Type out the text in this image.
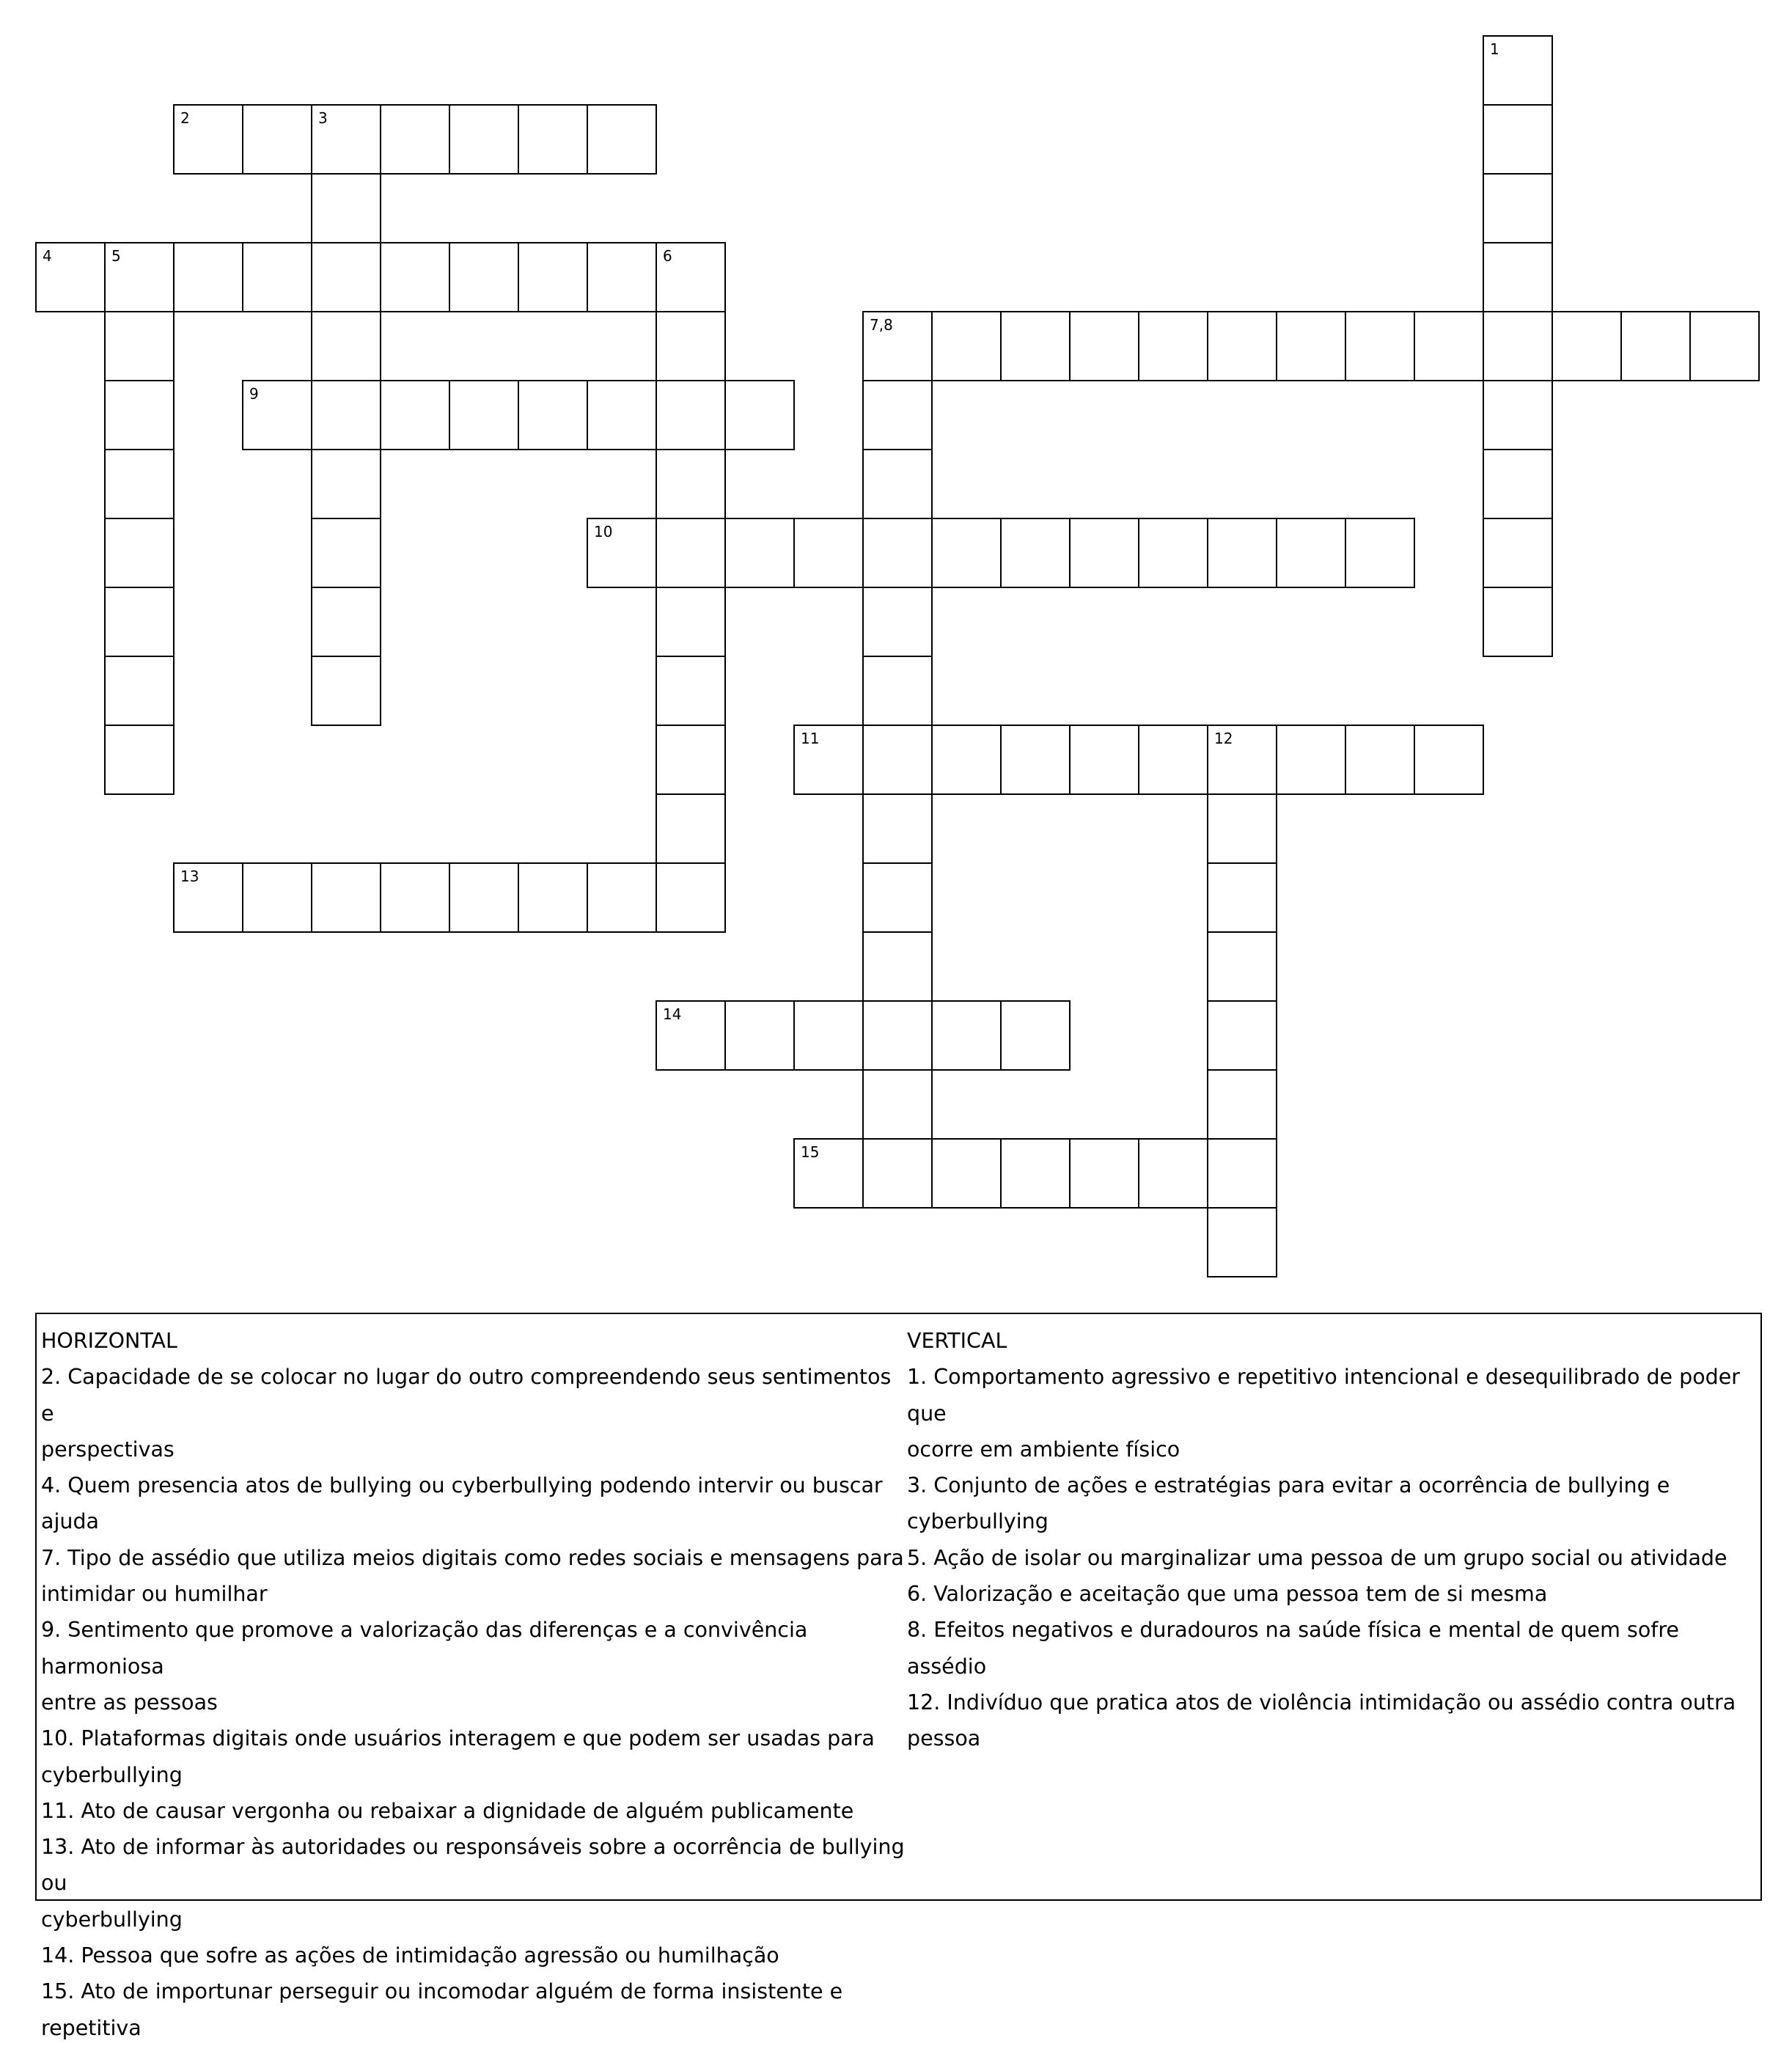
1
2	3
4	5	6
7,8
9
10
11	12
13
14
15
HORIZONTAL
2. Capacidade de se colocar no lugar do outro compreendendo seus sentimentos e
perspectivas
4. Quem presencia atos de bullying ou cyberbullying podendo intervir ou buscar ajuda
7. Tipo de assédio que utiliza meios digitais como redes sociais e mensagens para
intimidar ou humilhar
9. Sentimento que promove a valorização das diferenças e a convivência harmoniosa
entre as pessoas
10. Plataformas digitais onde usuários interagem e que podem ser usadas para
cyberbullying
11. Ato de causar vergonha ou rebaixar a dignidade de alguém publicamente
13. Ato de informar às autoridades ou responsáveis sobre a ocorrência de bullying ou
cyberbullying
14. Pessoa que sofre as ações de intimidação agressão ou humilhação
15. Ato de importunar perseguir ou incomodar alguém de forma insistente e repetitiva
VERTICAL
1. Comportamento agressivo e repetitivo intencional e desequilibrado de poder que
ocorre em ambiente físico
3. Conjunto de ações e estratégias para evitar a ocorrência de bullying e cyberbullying
5. Ação de isolar ou marginalizar uma pessoa de um grupo social ou atividade
6. Valorização e aceitação que uma pessoa tem de si mesma
8. Efeitos negativos e duradouros na saúde física e mental de quem sofre assédio
12. Indivíduo que pratica atos de violência intimidação ou assédio contra outra
pessoa
